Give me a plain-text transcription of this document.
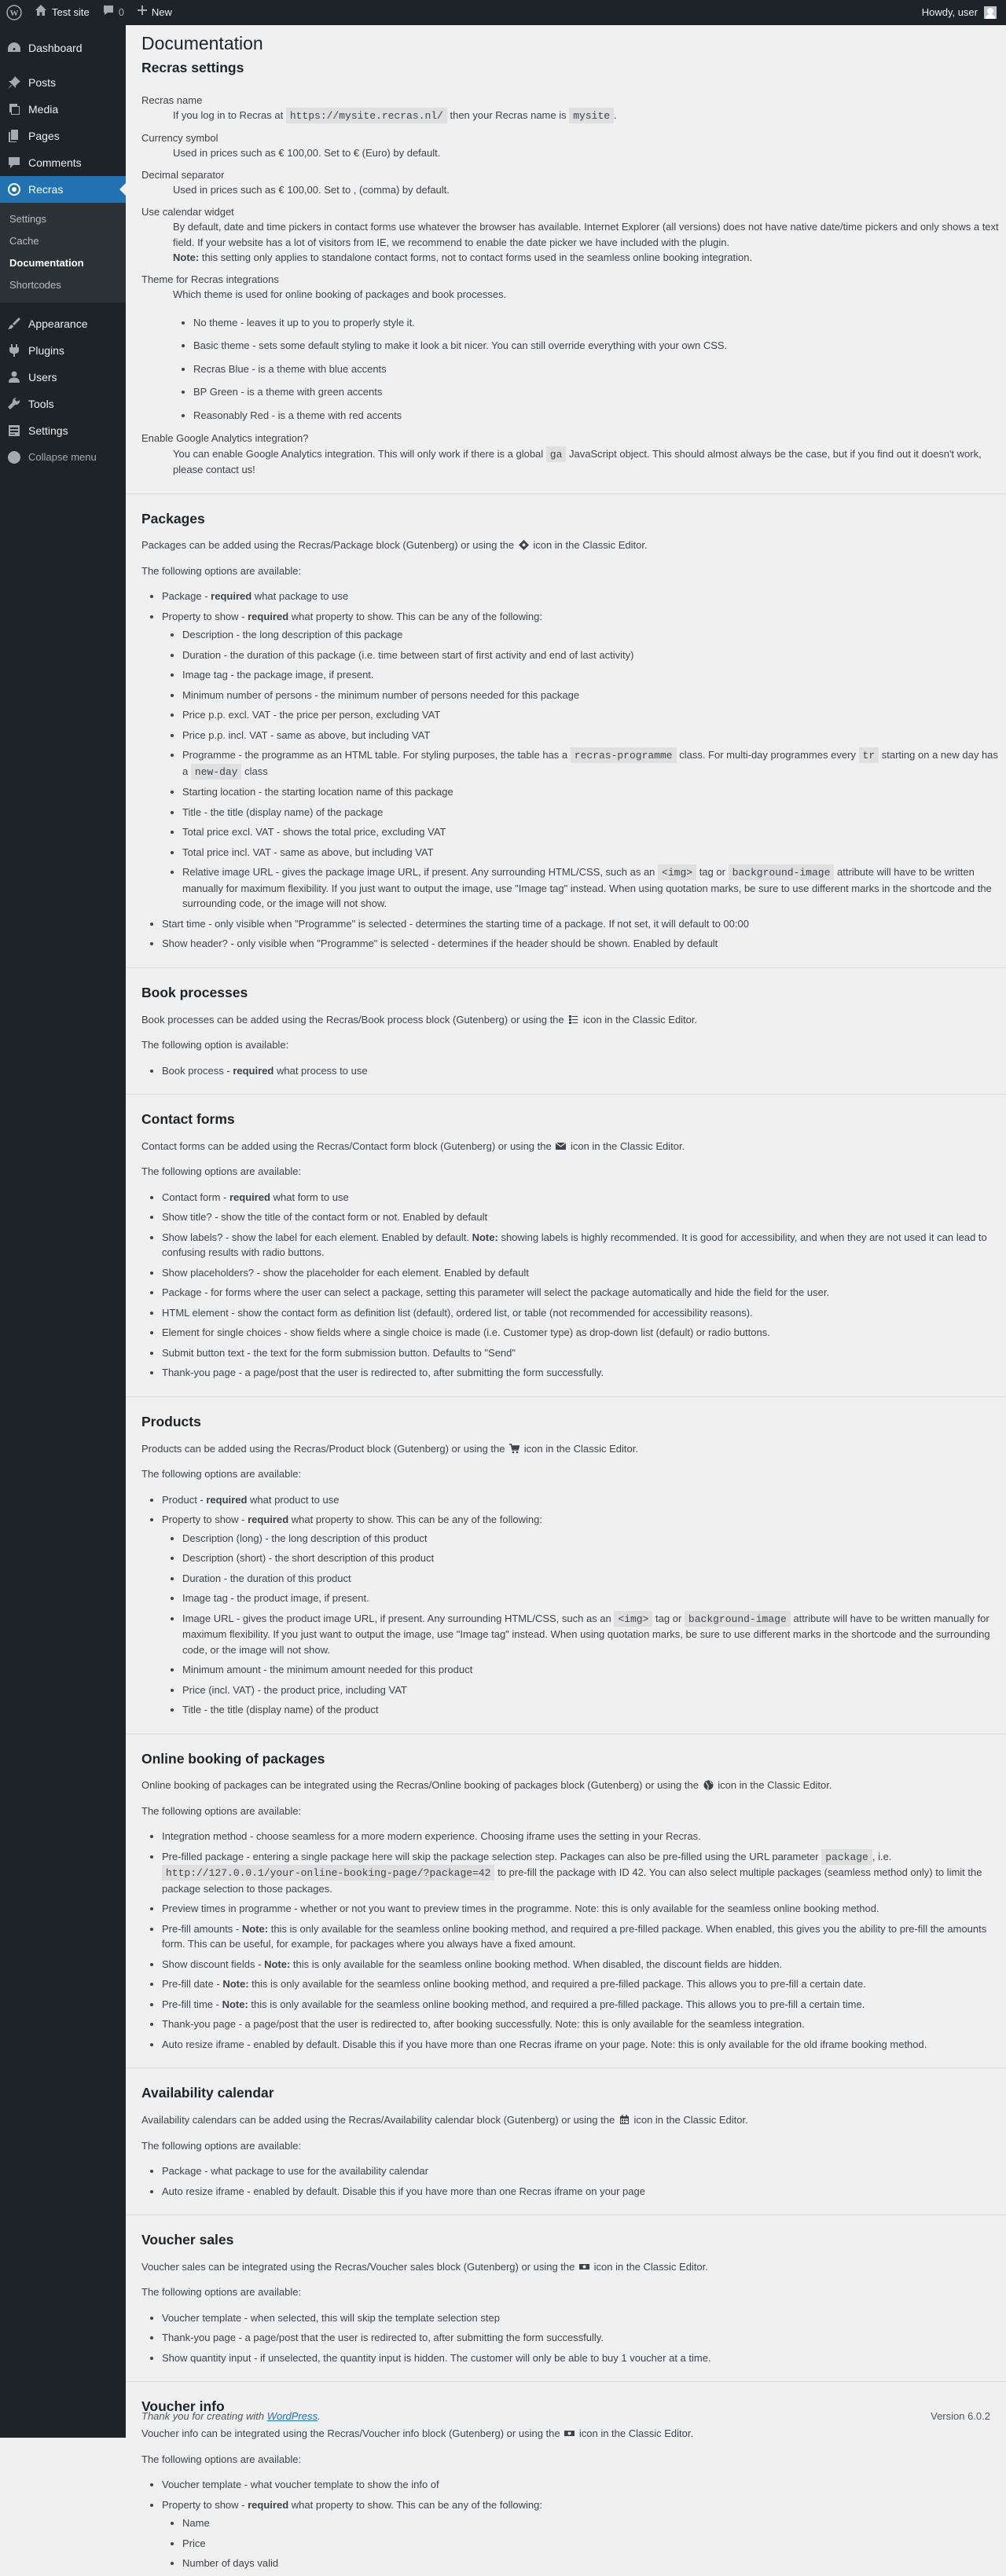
W	Test site	0	New	Howdy, user
Dashboard
Posts
Media
Pages
Comments
Recras
Settings
Cache
Documentation
Shortcodes
Appearance
Plugins
Users
Tools
Settings
Collapse menu
Documentation
Recras settings
Recras name
If you log in to Recras at https://mysite.recras.nl/ then your Recras name is mysite .
Currency symbol
Used in prices such as € 100,00. Set to € (Euro) by default.
Decimal separator
Used in prices such as € 100,00. Set to , (comma) by default.
Use calendar widget
By default, date and time pickers in contact forms use whatever the browser has available. Internet Explorer (all versions) does not have native date/time pickers and only shows a text field. If your website has a lot of visitors from IE, we recommend to enable the date picker we have included with the plugin.
Note: this setting only applies to standalone contact forms, not to contact forms used in the seamless online booking integration.
Theme for Recras integrations
Which theme is used for online booking of packages and book processes.
• No theme - leaves it up to you to properly style it.
• Basic theme - sets some default styling to make it look a bit nicer. You can still override everything with your own CSS.
• Recras Blue - is a theme with blue accents
• BP Green - is a theme with green accents
• Reasonably Red - is a theme with red accents
Enable Google Analytics integration?
You can enable Google Analytics integration. This will only work if there is a global ga JavaScript object. This should almost always be the case, but if you find out it doesn't work, please contact us!
Packages

Packages can be added using the Recras/Package block (Gutenberg) or using the icon in the Classic Editor.

The following options are available:

• Package - required what package to use
• Property to show - required what property to show. This can be any of the following:
• Description - the long description of this package
• Duration - the duration of this package (i.e. time between start of first activity and end of last activity)
• Image tag - the package image, if present.
• Minimum number of persons - the minimum number of persons needed for this package
• Price p.p. excl. VAT - the price per person, excluding VAT
• Price p.p. incl. VAT - same as above, but including VAT
• Programme - the programme as an HTML table. For styling purposes, the table has a recras-programme class. For multi-day programmes every tr starting on a new day has a new-day class
• Starting location - the starting location name of this package
• Title - the title (display name) of the package
• Total price excl. VAT - shows the total price, excluding VAT
• Total price incl. VAT - same as above, but including VAT
• Relative image URL - gives the package image URL, if present. Any surrounding HTML/CSS, such as an <img> tag or background-image attribute will have to be written manually for maximum flexibility. If you just want to output the image, use "Image tag" instead. When using quotation marks, be sure to use different marks in the shortcode and the surrounding code, or the image will not show.
• Start time - only visible when "Programme" is selected - determines the starting time of a package. If not set, it will default to 00:00
• Show header? - only visible when "Programme" is selected - determines if the header should be shown. Enabled by default
Book processes

Book processes can be added using the Recras/Book process block (Gutenberg) or using the icon in the Classic Editor.

The following option is available:

• Book process - required what process to use
Contact forms

Contact forms can be added using the Recras/Contact form block (Gutenberg) or using the icon in the Classic Editor.

The following options are available:

• Contact form - required what form to use
• Show title? - show the title of the contact form or not. Enabled by default
• Show labels? - show the label for each element. Enabled by default. Note: showing labels is highly recommended. It is good for accessibility, and when they are not used it can lead to confusing results with radio buttons.
• Show placeholders? - show the placeholder for each element. Enabled by default
• Package - for forms where the user can select a package, setting this parameter will select the package automatically and hide the field for the user.
• HTML element - show the contact form as definition list (default), ordered list, or table (not recommended for accessibility reasons).
• Element for single choices - show fields where a single choice is made (i.e. Customer type) as drop-down list (default) or radio buttons.
• Submit button text - the text for the form submission button. Defaults to "Send"
• Thank-you page - a page/post that the user is redirected to, after submitting the form successfully.
Products

Products can be added using the Recras/Product block (Gutenberg) or using the icon in the Classic Editor.

The following options are available:

• Product - required what product to use
• Property to show - required what property to show. This can be any of the following:
• Description (long) - the long description of this product
• Description (short) - the short description of this product
• Duration - the duration of this product
• Image tag - the product image, if present.
• Image URL - gives the product image URL, if present. Any surrounding HTML/CSS, such as an <img> tag or background-image attribute will have to be written manually for maximum flexibility. If you just want to output the image, use "Image tag" instead. When using quotation marks, be sure to use different marks in the shortcode and the surrounding code, or the image will not show.
• Minimum amount - the minimum amount needed for this product
• Price (incl. VAT) - the product price, including VAT
• Title - the title (display name) of the product
Online booking of packages

Online booking of packages can be integrated using the Recras/Online booking of packages block (Gutenberg) or using the icon in the Classic Editor.

The following options are available:

• Integration method - choose seamless for a more modern experience. Choosing iframe uses the setting in your Recras.
• Pre-filled package - entering a single package here will skip the package selection step. Packages can also be pre-filled using the URL parameter package , i.e. http://127.0.0.1/your-online-booking-page/?package=42 to pre-fill the package with ID 42. You can also select multiple packages (seamless method only) to limit the package selection to those packages.
• Preview times in programme - whether or not you want to preview times in the programme. Note: this is only available for the seamless online booking method.
• Pre-fill amounts - Note: this is only available for the seamless online booking method, and required a pre-filled package. When enabled, this gives you the ability to pre-fill the amounts form. This can be useful, for example, for packages where you always have a fixed amount.
• Show discount fields - Note: this is only available for the seamless online booking method. When disabled, the discount fields are hidden.
• Pre-fill date - Note: this is only available for the seamless online booking method, and required a pre-filled package. This allows you to pre-fill a certain date.
• Pre-fill time - Note: this is only available for the seamless online booking method, and required a pre-filled package. This allows you to pre-fill a certain time.
• Thank-you page - a page/post that the user is redirected to, after booking successfully. Note: this is only available for the seamless integration.
• Auto resize iframe - enabled by default. Disable this if you have more than one Recras iframe on your page. Note: this is only available for the old iframe booking method.
Availability calendar

Availability calendars can be added using the Recras/Availability calendar block (Gutenberg) or using the icon in the Classic Editor.

The following options are available:

• Package - what package to use for the availability calendar
• Auto resize iframe - enabled by default. Disable this if you have more than one Recras iframe on your page
Voucher sales

Voucher sales can be integrated using the Recras/Voucher sales block (Gutenberg) or using the icon in the Classic Editor.

The following options are available:

• Voucher template - when selected, this will skip the template selection step
• Thank-you page - a page/post that the user is redirected to, after submitting the form successfully.
• Show quantity input - if unselected, the quantity input is hidden. The customer will only be able to buy 1 voucher at a time.
Voucher info

Voucher info can be integrated using the Recras/Voucher info block (Gutenberg) or using the icon in the Classic Editor.

The following options are available:

• Voucher template - what voucher template to show the info of
• Property to show - required what property to show. This can be any of the following:
• Name
• Price
• Number of days valid
Thank you for creating with WordPress.	Version 6.0.2
